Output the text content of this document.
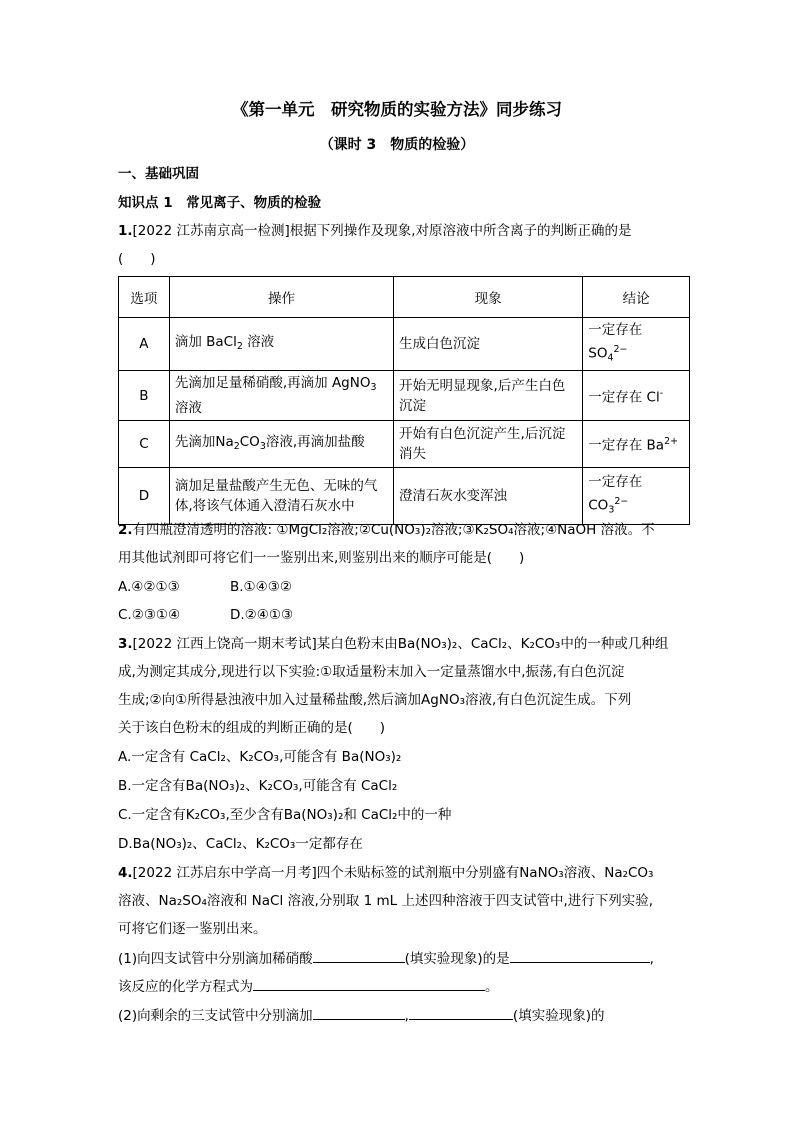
《第一单元　研究物质的实验方法》同步练习
（课时 3　物质的检验）
一、基础巩固
知识点 1　常见离子、物质的检验
1.[2022 江苏南京高一检测]根据下列操作及现象,对原溶液中所含离子的判断正确的是
(　　)
选项	操作	现象	结论
A	滴加 BaCl$_2$ 溶液	生成白色沉淀	一定存在 $SO_4^{2-}$
B	先滴加足量稀硝酸,再滴加 AgNO$_3$ 溶液	开始无明显现象,后产生白色沉淀	一定存在 Cl-
C	先滴加$Na_2CO_3$溶液,再滴加盐酸	开始有白色沉淀产生,后沉淀消失	一定存在 $Ba^{2+}$
D	滴加足量盐酸产生无色、无味的气体,将该气体通入澄清石灰水中	澄清石灰水变浑浊	一定存在 $CO_3^{2-}$
2.有四瓶澄清透明的溶液: ①MgCl₂溶液;②Cu(NO₃)₂溶液;③K₂SO₄溶液;④NaOH 溶液。不
用其他试剂即可将它们一一鉴别出来,则鉴别出来的顺序可能是(　　)
A.④②①③	B.①④③②
C.②③①④	D.②④①③
3.[2022 江西上饶高一期末考试]某白色粉末由Ba(NO₃)₂、CaCl₂、K₂CO₃中的一种或几种组
成,为测定其成分,现进行以下实验:①取适量粉末加入一定量蒸馏水中,振荡,有白色沉淀
生成;②向①所得悬浊液中加入过量稀盐酸,然后滴加AgNO₃溶液,有白色沉淀生成。下列
关于该白色粉末的组成的判断正确的是(　　)
A.一定含有 CaCl₂、K₂CO₃,可能含有 Ba(NO₃)₂
B.一定含有Ba(NO₃)₂、K₂CO₃,可能含有 CaCl₂
C.一定含有K₂CO₃,至少含有Ba(NO₃)₂和 CaCl₂中的一种
D.Ba(NO₃)₂、CaCl₂、K₂CO₃一定都存在
4.[2022 江苏启东中学高一月考]四个未贴标签的试剂瓶中分别盛有NaNO₃溶液、Na₂CO₃
溶液、Na₂SO₄溶液和 NaCl 溶液,分别取 1 mL 上述四种溶液于四支试管中,进行下列实验,
可将它们逐一鉴别出来。
(1)向四支试管中分别滴加稀硝酸	(填实验现象)的是	,
该反应的化学方程式为	。
(2)向剩余的三支试管中分别滴加	,	(填实验现象)的
